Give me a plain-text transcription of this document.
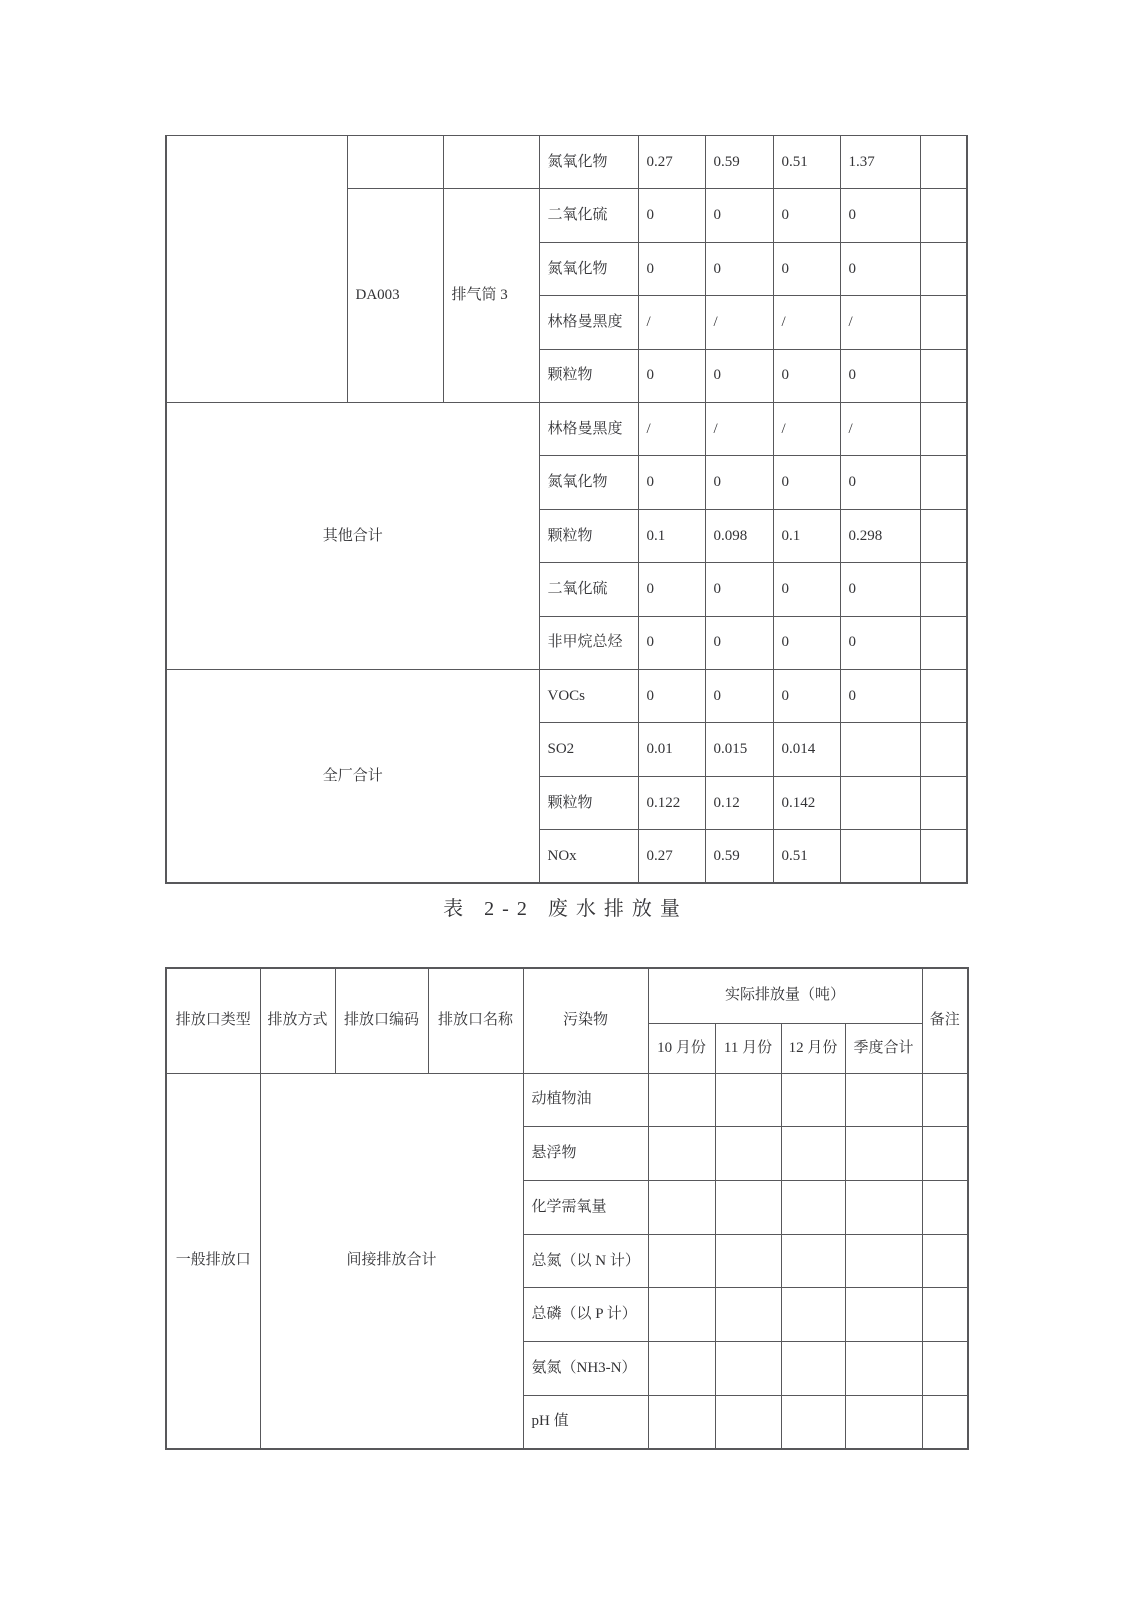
			氮氧化物	0.27	0.59	0.51	1.37	
	DA003	排气筒 3	二氧化硫	0	0	0	0	
			氮氧化物	0	0	0	0	
			林格曼黑度	/	/	/	/	
			颗粒物	0	0	0	0	
其他合计			林格曼黑度	/	/	/	/	
			氮氧化物	0	0	0	0	
			颗粒物	0.1	0.098	0.1	0.298	
			二氧化硫	0	0	0	0	
			非甲烷总烃	0	0	0	0	
全厂合计			VOCs	0	0	0	0	
			SO2	0.01	0.015	0.014		
			颗粒物	0.122	0.12	0.142		
			NOx	0.27	0.59	0.51		
表 2-2 废水排放量
排放口类型	排放方式	排放口编码	排放口名称	污染物	实际排放量（吨）				备注
					10 月份	11 月份	12 月份	季度合计	
一般排放口	间接排放合计			动植物油					
				悬浮物					
				化学需氧量					
				总氮（以 N 计）					
				总磷（以 P 计）					
				氨氮（NH3-N）					
				pH 值					
